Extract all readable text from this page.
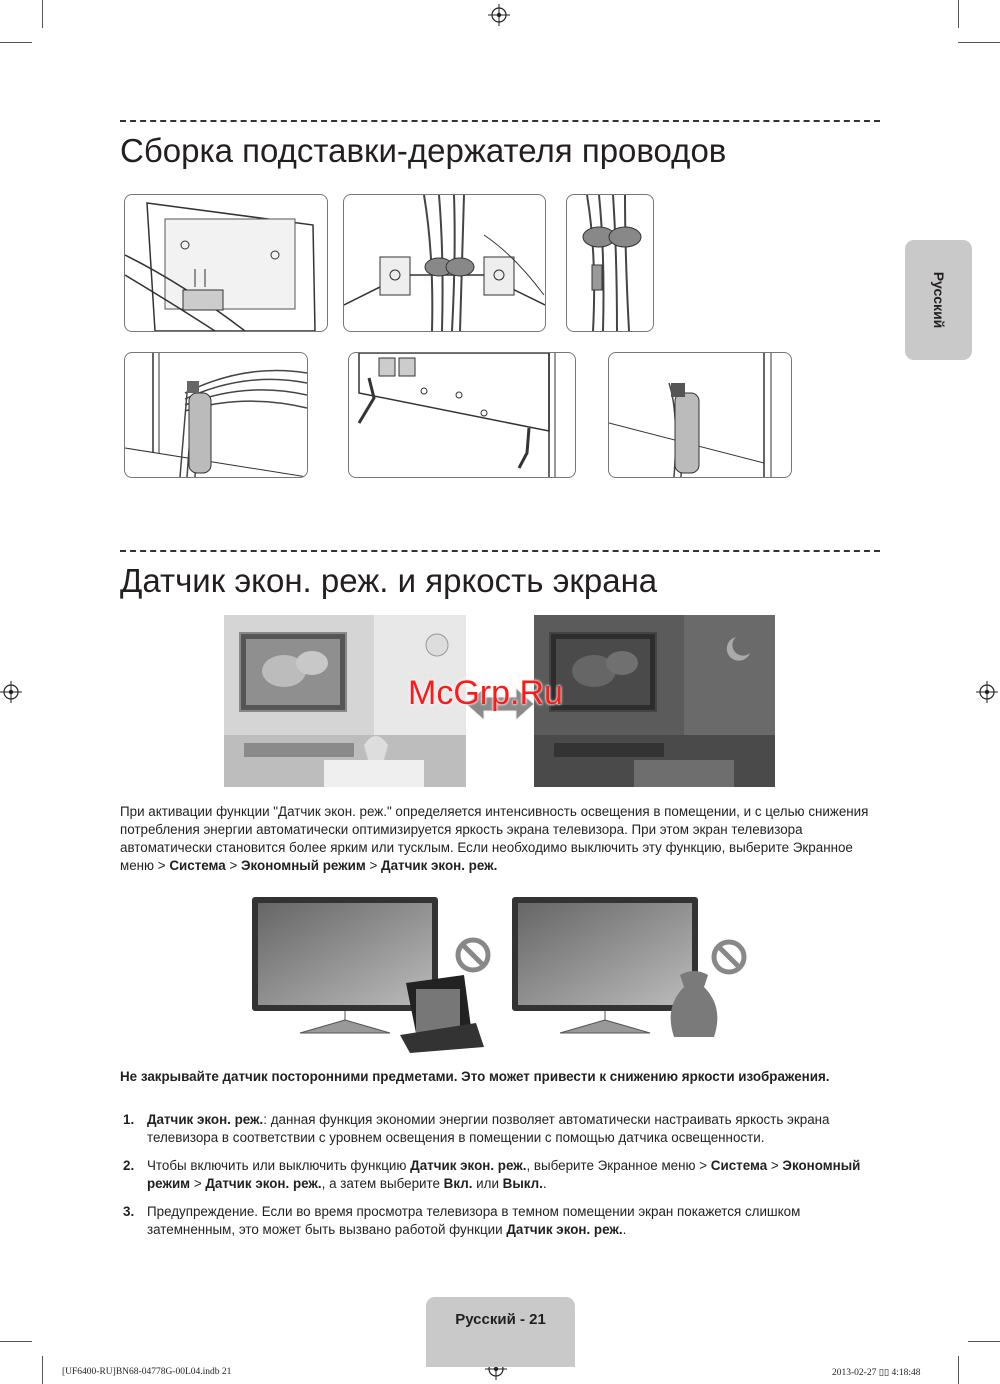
Русский
Сборка подставки-держателя проводов
Датчик экон. реж. и яркость экрана
McGrp.Ru

При активации функции "Датчик экон. реж." определяется интенсивность освещения в помещении, и с целью снижения потребления энергии автоматически оптимизируется яркость экрана телевизора. При этом экран телевизора автоматически становится более ярким или тусклым. Если необходимо выключить эту функцию, выберите Экранное меню > Система > Экономный режим > Датчик экон. реж.

Не закрывайте датчик посторонними предметами. Это может привести к снижению яркости изображения.

1. Датчик экон. реж.: данная функция экономии энергии позволяет автоматически настраивать яркость экрана телевизора в соответствии с уровнем освещения в помещении с помощью датчика освещенности.
2. Чтобы включить или выключить функцию Датчик экон. реж., выберите Экранное меню > Система > Экономный режим > Датчик экон. реж., а затем выберите Вкл. или Выкл..
3. Предупреждение. Если во время просмотра телевизора в темном помещении экран покажется слишком затемненным, это может быть вызвано работой функции Датчик экон. реж..
Русский - 21
[UF6400-RU]BN68-04778G-00L04.indb 21	2013-02-27 ▯▯ 4:18:48
